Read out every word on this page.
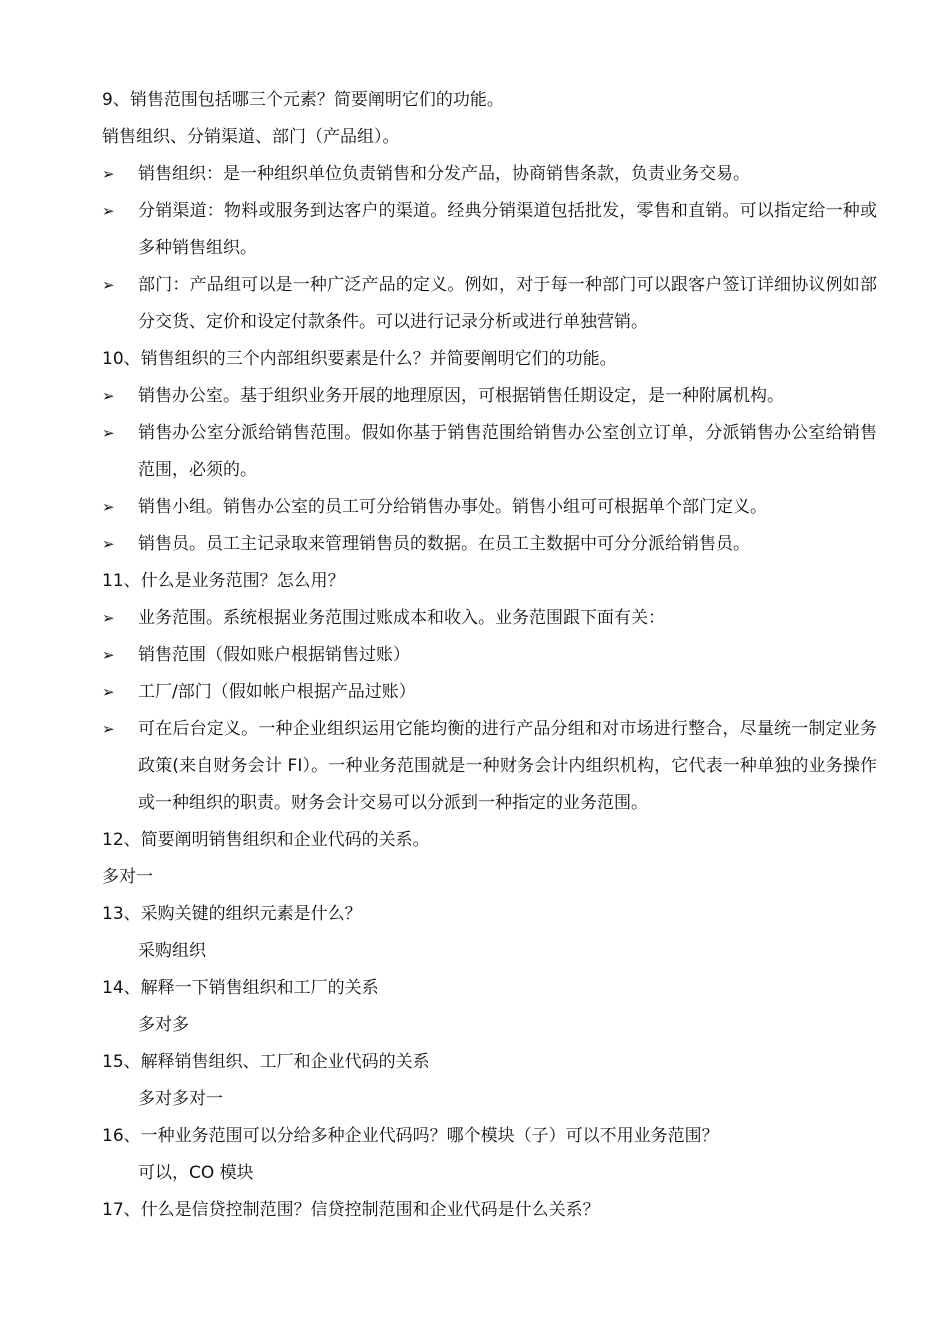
9、销售范围包括哪三个元素？简要阐明它们的功能。
销售组织、分销渠道、部门（产品组）。
➢	销售组织：是一种组织单位负责销售和分发产品，协商销售条款，负责业务交易。
➢	分销渠道：物料或服务到达客户的渠道。经典分销渠道包括批发，零售和直销。可以指定给一种或多种销售组织。
➢	部门：产品组可以是一种广泛产品的定义。例如，对于每一种部门可以跟客户签订详细协议例如部分交货、定价和设定付款条件。可以进行记录分析或进行单独营销。
10、销售组织的三个内部组织要素是什么？并简要阐明它们的功能。
➢	销售办公室。基于组织业务开展的地理原因，可根据销售任期设定，是一种附属机构。
➢	销售办公室分派给销售范围。假如你基于销售范围给销售办公室创立订单，分派销售办公室给销售范围，必须的。
➢	销售小组。销售办公室的员工可分给销售办事处。销售小组可可根据单个部门定义。
➢	销售员。员工主记录取来管理销售员的数据。在员工主数据中可分分派给销售员。
11、什么是业务范围？怎么用？
➢	业务范围。系统根据业务范围过账成本和收入。业务范围跟下面有关：
➢	销售范围（假如账户根据销售过账）
➢	工厂/部门（假如帐户根据产品过账）
➢	可在后台定义。一种企业组织运用它能均衡的进行产品分组和对市场进行整合，尽量统一制定业务政策(来自财务会计 FI）。一种业务范围就是一种财务会计内组织机构，它代表一种单独的业务操作或一种组织的职责。财务会计交易可以分派到一种指定的业务范围。
12、简要阐明销售组织和企业代码的关系。
多对一
13、采购关键的组织元素是什么？
采购组织
14、解释一下销售组织和工厂的关系
多对多
15、解释销售组织、工厂和企业代码的关系
多对多对一
16、一种业务范围可以分给多种企业代码吗？哪个模块（子）可以不用业务范围？
可以，CO 模块
17、什么是信贷控制范围？信贷控制范围和企业代码是什么关系？
